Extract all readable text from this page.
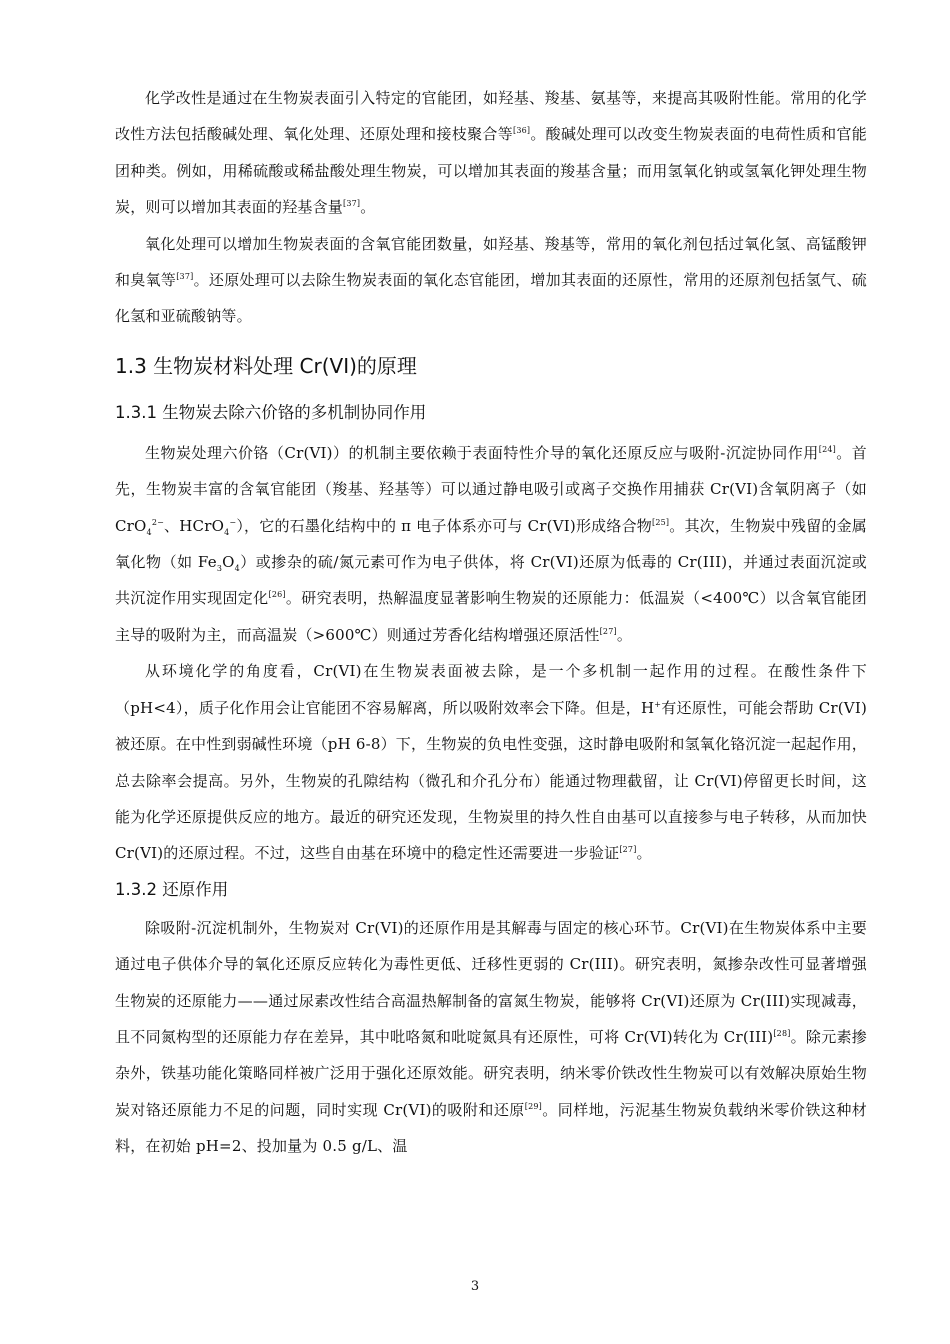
化学改性是通过在生物炭表面引入特定的官能团，如羟基、羧基、氨基等，来提高其吸附性能。常用的化学改性方法包括酸碱处理、氧化处理、还原处理和接枝聚合等[36]。酸碱处理可以改变生物炭表面的电荷性质和官能团种类。例如，用稀硫酸或稀盐酸处理生物炭，可以增加其表面的羧基含量；而用氢氧化钠或氢氧化钾处理生物炭，则可以增加其表面的羟基含量[37]。

氧化处理可以增加生物炭表面的含氧官能团数量，如羟基、羧基等，常用的氧化剂包括过氧化氢、高锰酸钾和臭氧等[37]。还原处理可以去除生物炭表面的氧化态官能团，增加其表面的还原性，常用的还原剂包括氢气、硫化氢和亚硫酸钠等。

1.3 生物炭材料处理 Cr(VI)的原理
1.3.1 生物炭去除六价铬的多机制协同作用

生物炭处理六价铬（Cr(VI)）的机制主要依赖于表面特性介导的氧化还原反应与吸附-沉淀协同作用[24]。首先，生物炭丰富的含氧官能团（羧基、羟基等）可以通过静电吸引或离子交换作用捕获 Cr(VI)含氧阴离子（如 CrO$_4^{2-}$、HCrO$_4$−），它的石墨化结构中的 π 电子体系亦可与 Cr(VI)形成络合物[25]。其次，生物炭中残留的金属氧化物（如 $Fe_3O_4$）或掺杂的硫/氮元素可作为电子供体，将 Cr(VI)还原为低毒的 Cr(III)，并通过表面沉淀或共沉淀作用实现固定化[26]。研究表明，热解温度显著影响生物炭的还原能力：低温炭（<400℃）以含氧官能团主导的吸附为主，而高温炭（>600℃）则通过芳香化结构增强还原活性[27]。

从环境化学的角度看，Cr(VI)在生物炭表面被去除，是一个多机制一起作用的过程。在酸性条件下（pH<4），质子化作用会让官能团不容易解离，所以吸附效率会下降。但是，H+有还原性，可能会帮助 Cr(VI)被还原。在中性到弱碱性环境（pH 6-8）下，生物炭的负电性变强，这时静电吸附和氢氧化铬沉淀一起起作用，总去除率会提高。另外，生物炭的孔隙结构（微孔和介孔分布）能通过物理截留，让 Cr(VI)停留更长时间，这能为化学还原提供反应的地方。最近的研究还发现，生物炭里的持久性自由基可以直接参与电子转移，从而加快 Cr(VI)的还原过程。不过，这些自由基在环境中的稳定性还需要进一步验证[27]。

1.3.2 还原作用

除吸附-沉淀机制外，生物炭对 Cr(VI)的还原作用是其解毒与固定的核心环节。Cr(VI)在生物炭体系中主要通过电子供体介导的氧化还原反应转化为毒性更低、迁移性更弱的 Cr(III)。研究表明，氮掺杂改性可显著增强生物炭的还原能力——通过尿素改性结合高温热解制备的富氮生物炭，能够将 Cr(VI)还原为 Cr(III)实现减毒，且不同氮构型的还原能力存在差异，其中吡咯氮和吡啶氮具有还原性，可将 Cr(VI)转化为 Cr(III)[28]。除元素掺杂外，铁基功能化策略同样被广泛用于强化还原效能。研究表明，纳米零价铁改性生物炭可以有效解决原始生物炭对铬还原能力不足的问题，同时实现 Cr(VI)的吸附和还原[29]。同样地，污泥基生物炭负载纳米零价铁这种材料，在初始 pH=2、投加量为 0.5 g/L、温

3
